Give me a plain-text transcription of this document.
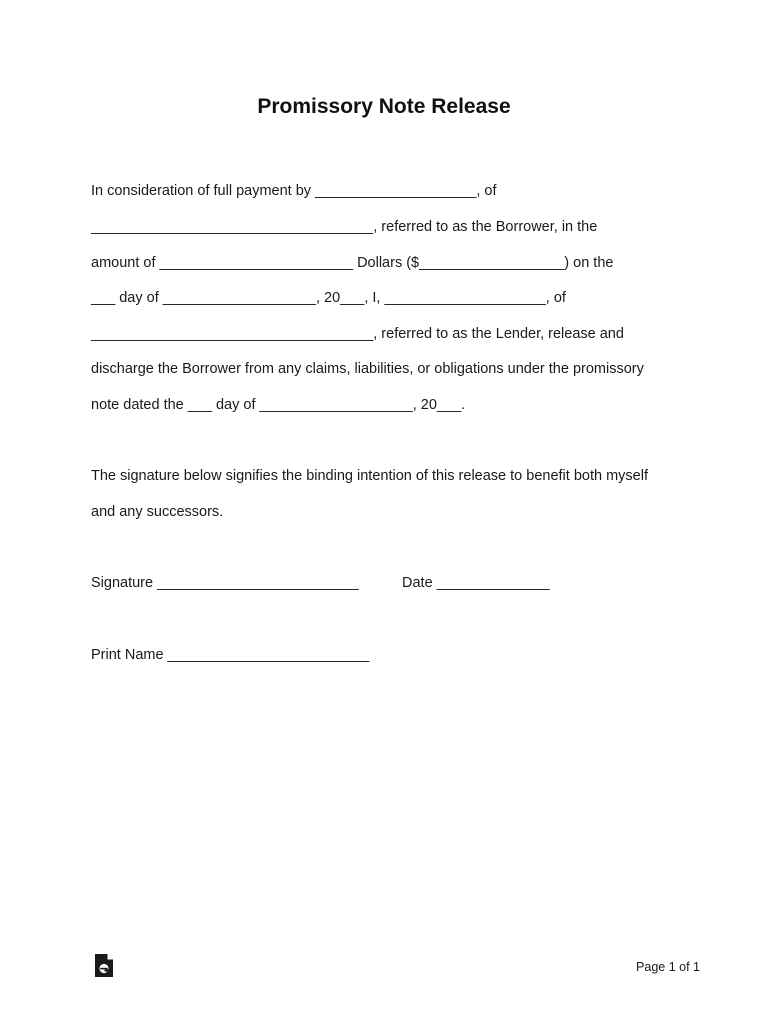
Promissory Note Release
In consideration of full payment by ____________________, of
___________________________________, referred to as the Borrower, in the
amount of ________________________ Dollars ($__________________) on the
___ day of ___________________, 20___, I, ____________________, of
___________________________________, referred to as the Lender, release and
discharge the Borrower from any claims, liabilities, or obligations under the promissory
note dated the ___ day of ___________________, 20___.
The signature below signifies the binding intention of this release to benefit both myself
and any successors.
Signature _________________________	Date ______________
Print Name _________________________
Page 1 of 1
